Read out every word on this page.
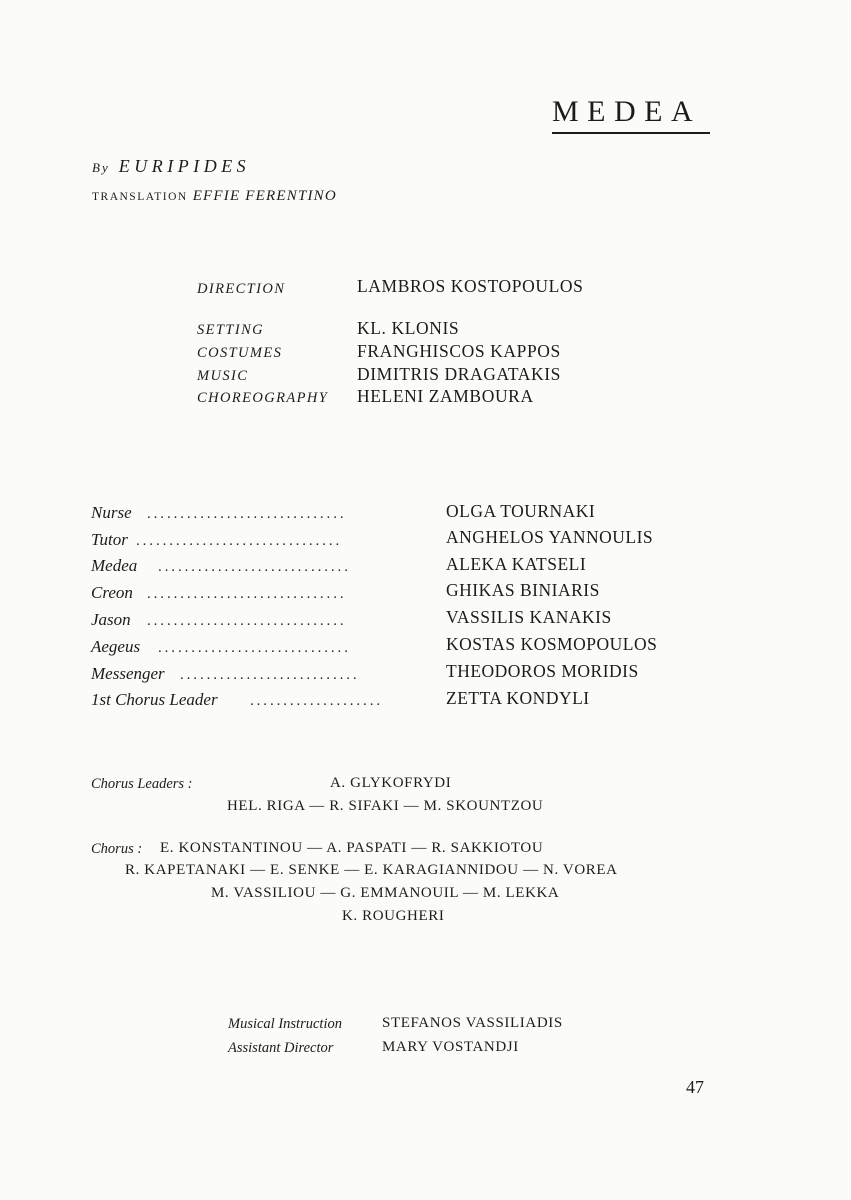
MEDEA
By EURIPIDES
TRANSLATION EFFIE FERENTINO
DIRECTION	LAMBROS KOSTOPOULOS
SETTING	KL. KLONIS
COSTUMES	FRANGHISCOS KAPPOS
MUSIC	DIMITRIS DRAGATAKIS
CHOREOGRAPHY HELENI ZAMBOURA
Nurse ..............................	OLGA TOURNAKI
Tutor ...............................	ANGHELOS YANNOULIS
Medea .............................	ALEKA KATSELI
Creon ..............................	GHIKAS BINIARIS
Jason ..............................	VASSILIS KANAKIS
Aegeus .............................	KOSTAS KOSMOPOULOS
Messenger ...........................	THEODOROS MORIDIS
1st Chorus Leader ....................	ZETTA KONDYLI
Chorus Leaders :	A. GLYKOFRYDI
HEL. RIGA — R. SIFAKI — M. SKOUNTZOU
Chorus : E. KONSTANTINOU — A. PASPATI — R. SAKKIOTOU
R. KAPETANAKI — E. SENKE — E. KARAGIANNIDOU — N. VOREA
M. VASSILIOU — G. EMMANOUIL — M. LEKKA
K. ROUGHERI
Musical Instruction	STEFANOS VASSILIADIS
Assistant Director	MARY VOSTANDJI
47
